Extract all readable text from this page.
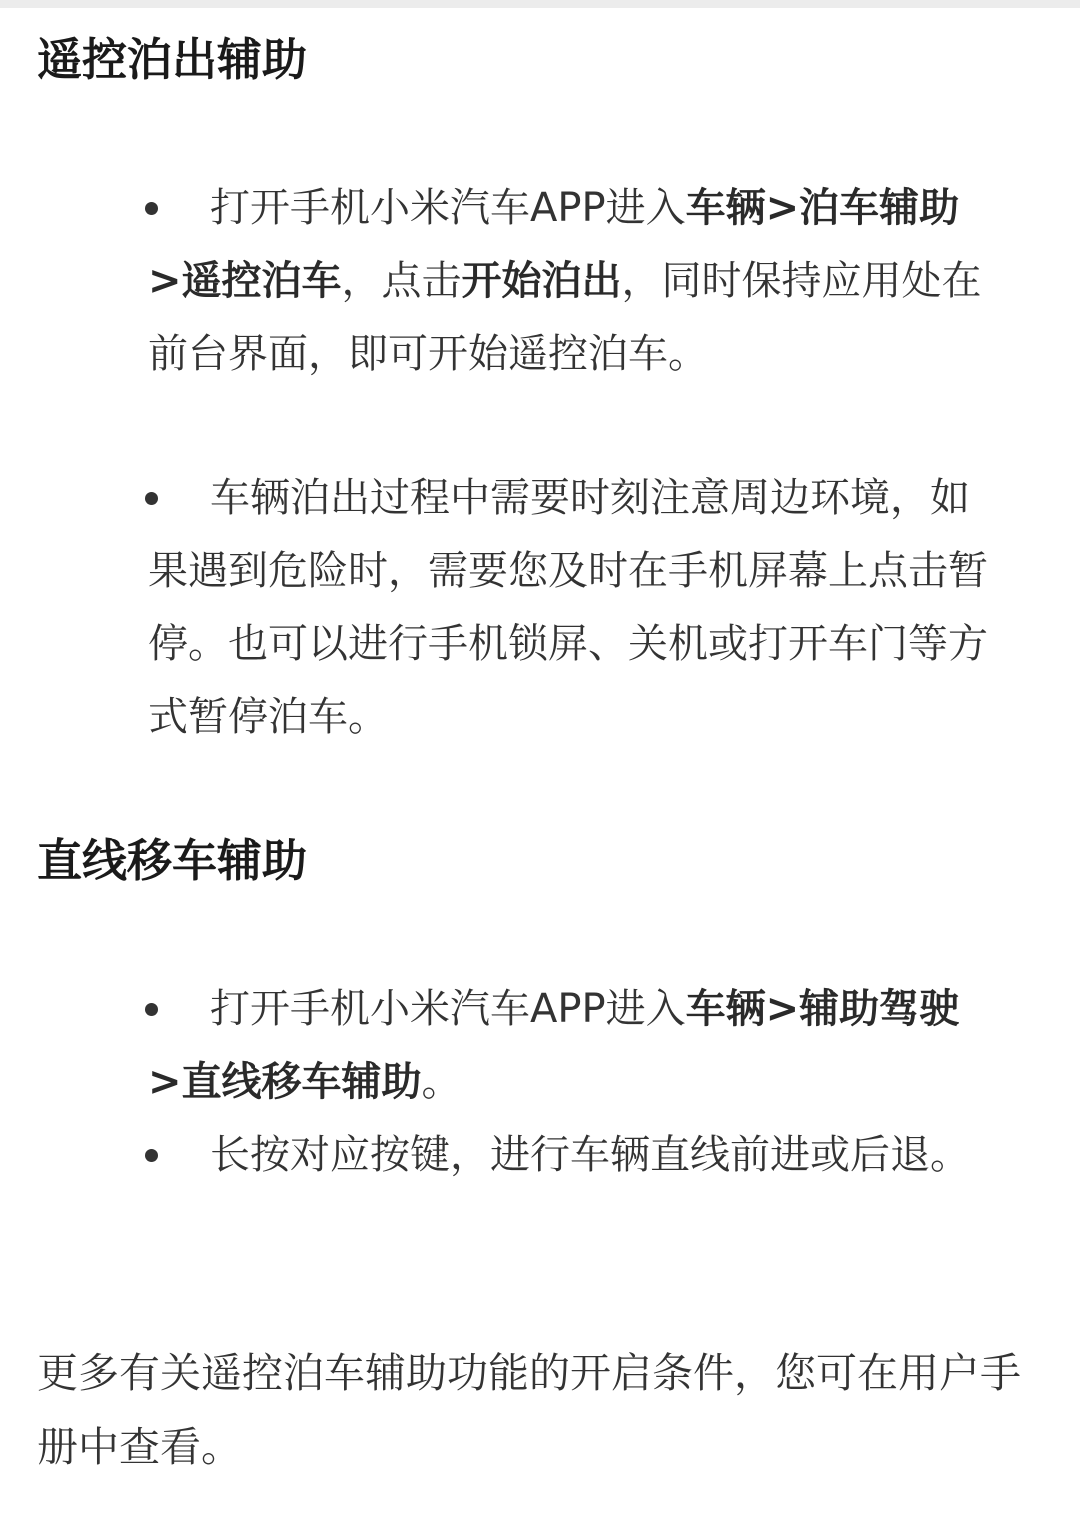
遥控泊出辅助
打开手机小米汽车APP进入车辆>泊车辅助>遥控泊车，点击开始泊出，同时保持应用处在前台界面，即可开始遥控泊车。
车辆泊出过程中需要时刻注意周边环境，如果遇到危险时，需要您及时在手机屏幕上点击暂停。也可以进行手机锁屏、关机或打开车门等方式暂停泊车。
直线移车辅助
打开手机小米汽车APP进入车辆>辅助驾驶>直线移车辅助。
长按对应按键，进行车辆直线前进或后退。

更多有关遥控泊车辅助功能的开启条件，您可在用户手册中查看。
